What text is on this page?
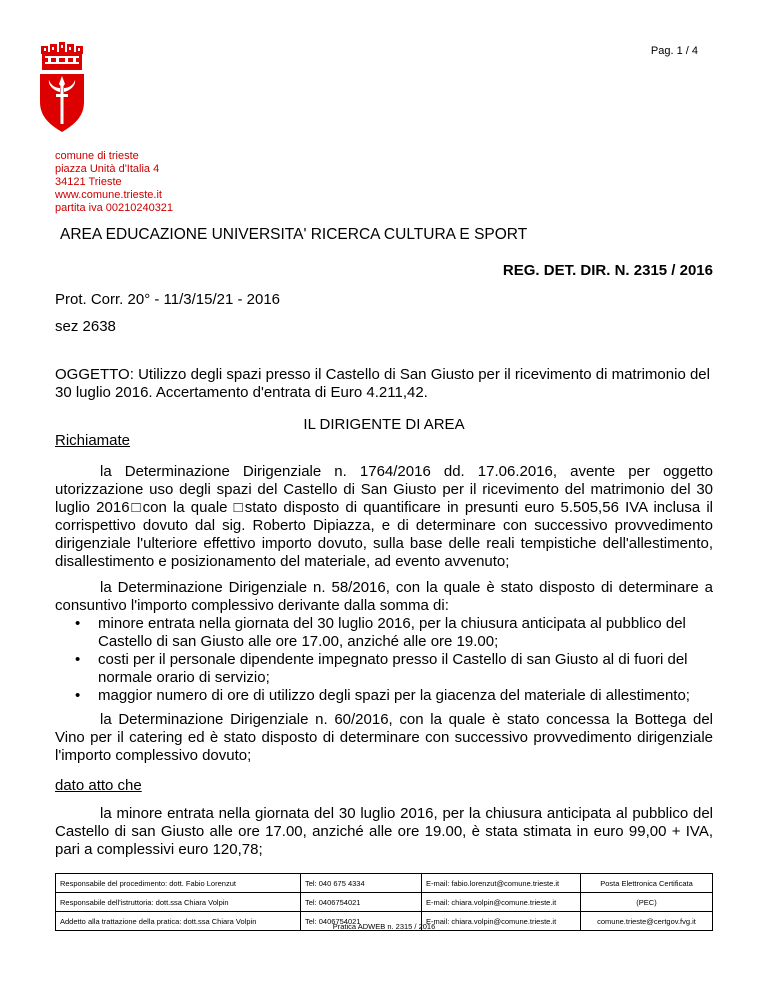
Pag. 1 / 4
comune di trieste
piazza Unità d'Italia 4
34121 Trieste
www.comune.trieste.it
partita iva 00210240321
AREA EDUCAZIONE UNIVERSITA' RICERCA CULTURA E SPORT
REG. DET. DIR. N. 2315 / 2016
Prot. Corr. 20° - 11/3/15/21 - 2016
sez 2638
OGGETTO: Utilizzo degli spazi presso il Castello di San Giusto per il ricevimento di matrimonio del 30 luglio 2016. Accertamento d'entrata di Euro 4.211,42.
IL DIRIGENTE DI AREA
Richiamate
la Determinazione Dirigenziale n. 1764/2016 dd. 17.06.2016, avente per oggetto utorizzazione uso degli spazi del Castello di San Giusto per il ricevimento del matrimonio del 30 luglio 2016□con la quale □stato disposto di quantificare in presunti euro 5.505,56 IVA inclusa il corrispettivo dovuto dal sig. Roberto Dipiazza, e di determinare con successivo provvedimento dirigenziale l'ulteriore effettivo importo dovuto, sulla base delle reali tempistiche dell'allestimento, disallestimento e posizionamento del materiale, ad evento avvenuto;
la Determinazione Dirigenziale n. 58/2016, con la quale è stato disposto di determinare a consuntivo l'importo complessivo derivante dalla somma di:
• minore entrata nella giornata del 30 luglio 2016, per la chiusura anticipata al pubblico del Castello di san Giusto alle ore 17.00, anziché alle ore 19.00;
• costi per il personale dipendente impegnato presso il Castello di san Giusto al di fuori del normale orario di servizio;
• maggior numero di ore di utilizzo degli spazi per la giacenza del materiale di allestimento;
la Determinazione Dirigenziale n. 60/2016, con la quale è stato concessa la Bottega del Vino per il catering ed è stato disposto di determinare con successivo provvedimento dirigenziale l'importo complessivo dovuto;
dato atto che
la minore entrata nella giornata del 30 luglio 2016, per la chiusura anticipata al pubblico del Castello di san Giusto alle ore 17.00, anziché alle ore 19.00, è stata stimata in euro 99,00 + IVA, pari a complessivi euro 120,78;
Responsabile del procedimento: dott. Fabio Lorenzut	Tel: 040 675 4334	E-mail: fabio.lorenzut@comune.trieste.it	Posta Elettronica Certificata
Responsabile dell'istruttoria: dott.ssa Chiara Volpin	Tel: 0406754021	E-mail: chiara.volpin@comune.trieste.it	(PEC)
Addetto alla trattazione della pratica: dott.ssa Chiara Volpin	Tel: 0406754021	E-mail: chiara.volpin@comune.trieste.it	comune.trieste@certgov.fvg.it
Pratica ADWEB n. 2315 / 2016
